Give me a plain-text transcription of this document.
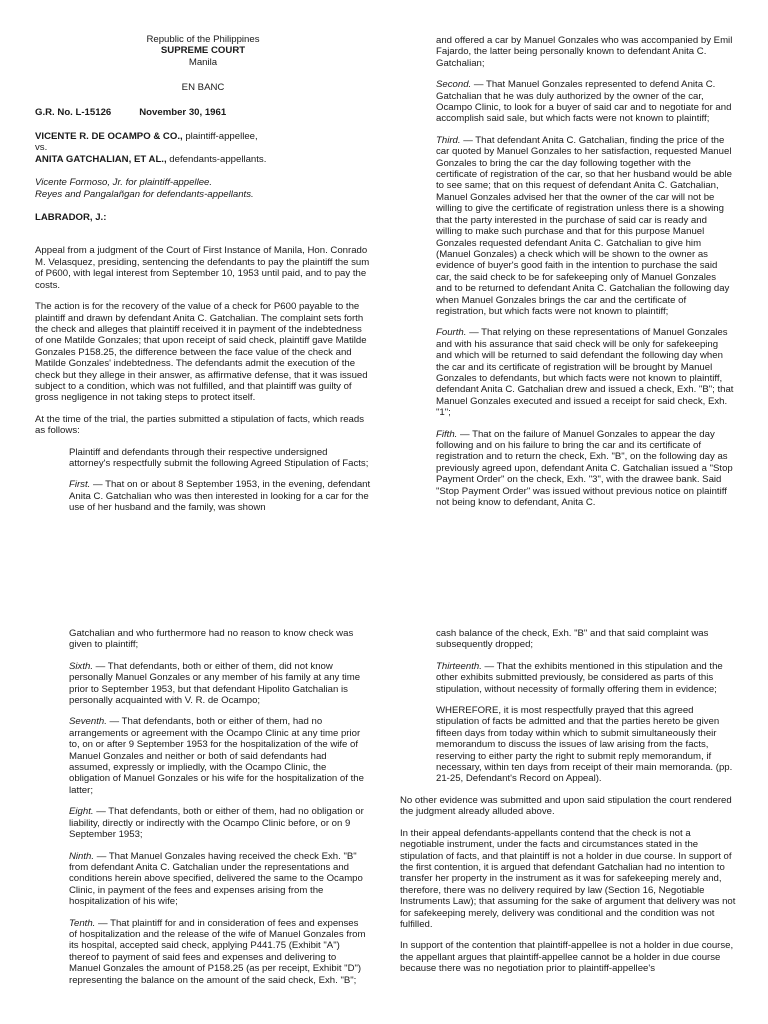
Republic of the Philippines

SUPREME COURT

Manila

EN BANC

G.R. No. L-15126	November 30, 1961

VICENTE R. DE OCAMPO & CO., plaintiff-appellee,

vs.

ANITA GATCHALIAN, ET AL., defendants-appellants.

Vicente Formoso, Jr. for plaintiff-appellee.
Reyes and Pangalañgan for defendants-appellants.

LABRADOR, J.:

Appeal from a judgment of the Court of First Instance of Manila, Hon. Conrado M. Velasquez, presiding, sentencing the defendants to pay the plaintiff the sum of P600, with legal interest from September 10, 1953 until paid, and to pay the costs.

The action is for the recovery of the value of a check for P600 payable to the plaintiff and drawn by defendant Anita C. Gatchalian. The complaint sets forth the check and alleges that plaintiff received it in payment of the indebtedness of one Matilde Gonzales; that upon receipt of said check, plaintiff gave Matilde Gonzales P158.25, the difference between the face value of the check and Matilde Gonzales' indebtedness. The defendants admit the execution of the check but they allege in their answer, as affirmative defense, that it was issued subject to a condition, which was not fulfilled, and that plaintiff was guilty of gross negligence in not taking steps to protect itself.

At the time of the trial, the parties submitted a stipulation of facts, which reads as follows:

Plaintiff and defendants through their respective undersigned attorney's respectfully submit the following Agreed Stipulation of Facts;

First. — That on or about 8 September 1953, in the evening, defendant Anita C. Gatchalian who was then interested in looking for a car for the use of her husband and the family, was shown

and offered a car by Manuel Gonzales who was accompanied by Emil Fajardo, the latter being personally known to defendant Anita C. Gatchalian;

Second. — That Manuel Gonzales represented to defend Anita C. Gatchalian that he was duly authorized by the owner of the car, Ocampo Clinic, to look for a buyer of said car and to negotiate for and accomplish said sale, but which facts were not known to plaintiff;

Third. — That defendant Anita C. Gatchalian, finding the price of the car quoted by Manuel Gonzales to her satisfaction, requested Manuel Gonzales to bring the car the day following together with the certificate of registration of the car, so that her husband would be able to see same; that on this request of defendant Anita C. Gatchalian, Manuel Gonzales advised her that the owner of the car will not be willing to give the certificate of registration unless there is a showing that the party interested in the purchase of said car is ready and willing to make such purchase and that for this purpose Manuel Gonzales requested defendant Anita C. Gatchalian to give him (Manuel Gonzales) a check which will be shown to the owner as evidence of buyer's good faith in the intention to purchase the said car, the said check to be for safekeeping only of Manuel Gonzales and to be returned to defendant Anita C. Gatchalian the following day when Manuel Gonzales brings the car and the certificate of registration, but which facts were not known to plaintiff;

Fourth. — That relying on these representations of Manuel Gonzales and with his assurance that said check will be only for safekeeping and which will be returned to said defendant the following day when the car and its certificate of registration will be brought by Manuel Gonzales to defendants, but which facts were not known to plaintiff, defendant Anita C. Gatchalian drew and issued a check, Exh. "B"; that Manuel Gonzales executed and issued a receipt for said check, Exh. "1";

Fifth. — That on the failure of Manuel Gonzales to appear the day following and on his failure to bring the car and its certificate of registration and to return the check, Exh. "B", on the following day as previously agreed upon, defendant Anita C. Gatchalian issued a "Stop Payment Order" on the check, Exh. "3", with the drawee bank. Said "Stop Payment Order" was issued without previous notice on plaintiff not being know to defendant, Anita C.

Gatchalian and who furthermore had no reason to know check was given to plaintiff;

Sixth. — That defendants, both or either of them, did not know personally Manuel Gonzales or any member of his family at any time prior to September 1953, but that defendant Hipolito Gatchalian is personally acquainted with V. R. de Ocampo;

Seventh. — That defendants, both or either of them, had no arrangements or agreement with the Ocampo Clinic at any time prior to, on or after 9 September 1953 for the hospitalization of the wife of Manuel Gonzales and neither or both of said defendants had assumed, expressly or impliedly, with the Ocampo Clinic, the obligation of Manuel Gonzales or his wife for the hospitalization of the latter;

Eight. — That defendants, both or either of them, had no obligation or liability, directly or indirectly with the Ocampo Clinic before, or on 9 September 1953;

Ninth. — That Manuel Gonzales having received the check Exh. "B" from defendant Anita C. Gatchalian under the representations and conditions herein above specified, delivered the same to the Ocampo Clinic, in payment of the fees and expenses arising from the hospitalization of his wife;

Tenth. — That plaintiff for and in consideration of fees and expenses of hospitalization and the release of the wife of Manuel Gonzales from its hospital, accepted said check, applying P441.75 (Exhibit "A") thereof to payment of said fees and expenses and delivering to Manuel Gonzales the amount of P158.25 (as per receipt, Exhibit "D") representing the balance on the amount of the said check, Exh. "B";

cash balance of the check, Exh. "B" and that said complaint was subsequently dropped;

Thirteenth. — That the exhibits mentioned in this stipulation and the other exhibits submitted previously, be considered as parts of this stipulation, without necessity of formally offering them in evidence;

WHEREFORE, it is most respectfully prayed that this agreed stipulation of facts be admitted and that the parties hereto be given fifteen days from today within which to submit simultaneously their memorandum to discuss the issues of law arising from the facts, reserving to either party the right to submit reply memorandum, if necessary, within ten days from receipt of their main memoranda. (pp. 21-25, Defendant's Record on Appeal).

No other evidence was submitted and upon said stipulation the court rendered the judgment already alluded above.

In their appeal defendants-appellants contend that the check is not a negotiable instrument, under the facts and circumstances stated in the stipulation of facts, and that plaintiff is not a holder in due course. In support of the first contention, it is argued that defendant Gatchalian had no intention to transfer her property in the instrument as it was for safekeeping merely and, therefore, there was no delivery required by law (Section 16, Negotiable Instruments Law); that assuming for the sake of argument that delivery was not for safekeeping merely, delivery was conditional and the condition was not fulfilled.

In support of the contention that plaintiff-appellee is not a holder in due course, the appellant argues that plaintiff-appellee cannot be a holder in due course because there was no negotiation prior to plaintiff-appellee's
